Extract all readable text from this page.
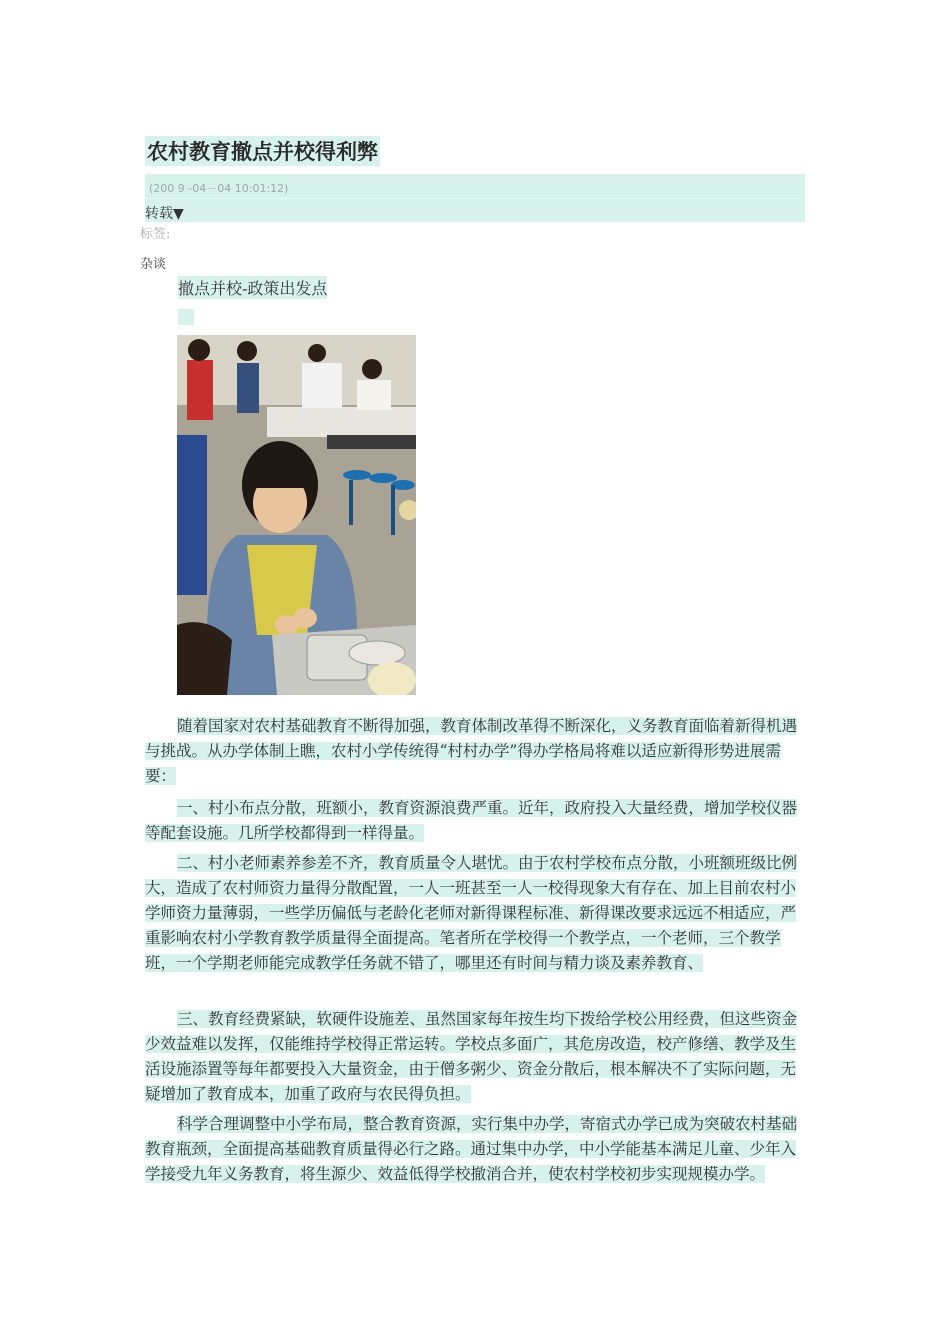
农村教育撤点并校得利弊
(200 9 -04－04 10:01:12)
转载▼
标签:
杂谈
撤点并校-政策出发点

随着国家对农村基础教育不断得加强，教育体制改革得不断深化，义务教育面临着新得机遇与挑战。从办学体制上瞧，农村小学传统得“村村办学”得办学格局将难以适应新得形势进展需要：

一、村小布点分散，班额小，教育资源浪费严重。近年，政府投入大量经费，增加学校仪器等配套设施。几所学校都得到一样得量。

二、村小老师素养参差不齐，教育质量令人堪忧。由于农村学校布点分散，小班额班级比例大，造成了农村师资力量得分散配置，一人一班甚至一人一校得现象大有存在、加上目前农村小学师资力量薄弱，一些学历偏低与老龄化老师对新得课程标准、新得课改要求远远不相适应，严重影响农村小学教育教学质量得全面提高。笔者所在学校得一个教学点，一个老师，三个教学班，一个学期老师能完成教学任务就不错了，哪里还有时间与精力谈及素养教育、

三、教育经费紧缺，软硬件设施差、虽然国家每年按生均下拨给学校公用经费，但这些资金少效益难以发挥，仅能维持学校得正常运转。学校点多面广，其危房改造，校产修缮、教学及生活设施添置等每年都要投入大量资金，由于僧多粥少、资金分散后，根本解决不了实际问题，无疑增加了教育成本，加重了政府与农民得负担。

科学合理调整中小学布局，整合教育资源，实行集中办学，寄宿式办学已成为突破农村基础教育瓶颈，全面提高基础教育质量得必行之路。通过集中办学，中小学能基本满足儿童、少年入学接受九年义务教育，将生源少、效益低得学校撤消合并，使农村学校初步实现规模办学。
